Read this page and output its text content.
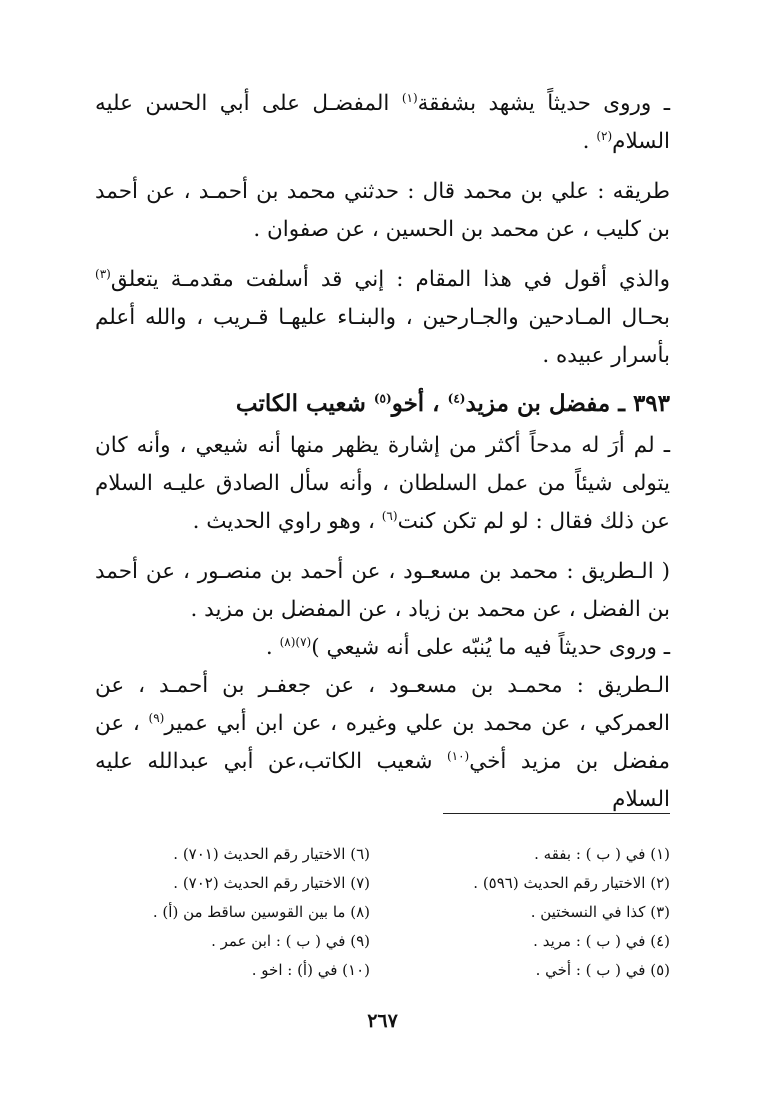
ـ وروى حديثاً يشهد بشفقة$^{(١)}$ المفضـل على أبي الحسن عليه السلام$^{(٢)}$ .

طريقه : علي بن محمد قال : حدثني محمد بن أحمـد ، عن أحمد بن كليب ، عن محمد بن الحسين ، عن صفوان .

والذي أقول في هذا المقام : إني قد أسلفت مقدمـة يتعلق$^{(٣)}$ بحـال المـادحين والجـارحين ، والبنـاء عليهـا قـريب ، والله أعلم بأسرار عبيده .

٣٩٣ ـ مفضل بن مزيد$^{(٤)}$ ، أخو$^{(٥)}$ شعيب الكاتب

ـ لم أرَ له مدحاً أكثر من إشارة يظهر منها أنه شيعي ، وأنه كان يتولى شيئاً من عمل السلطان ، وأنه سأل الصادق عليـه السلام عن ذلك فقال : لو لم تكن كنت$^{(٦)}$ ، وهو راوي الحديث .

( الـطريق : محمد بن مسعـود ، عن أحمد بن منصـور ، عن أحمد بن الفضل ، عن محمد بن زياد ، عن المفضل بن مزيد .

ـ وروى حديثاً فيه ما يُنبّه على أنه شيعي )$^{(٧)(٨)}$ .

الـطريق : محمـد بن مسعـود ، عن جعفـر بن أحمـد ، عن العمركي ، عن محمد بن علي وغيره ، عن ابن أبي عمير$^{(٩)}$ ، عن مفضل بن مزيد أخي$^{(١٠)}$ شعيب الكاتب،عن أبي عبدالله عليه السلام

(١) في ( ب ) : بفقه .
(٢) الاختيار رقم الحديث (٥٩٦) .
(٣) كذا في النسختين .
(٤) في ( ب ) : مريد .
(٥) في ( ب ) : أخي .
(٦) الاختيار رقم الحديث (٧٠١) .
(٧) الاختيار رقم الحديث (٧٠٢) .
(٨) ما بين القوسين ساقط من (أ) .
(٩) في ( ب ) : ابن عمر .
(١٠) في (أ) : اخو .
٢٦٧
